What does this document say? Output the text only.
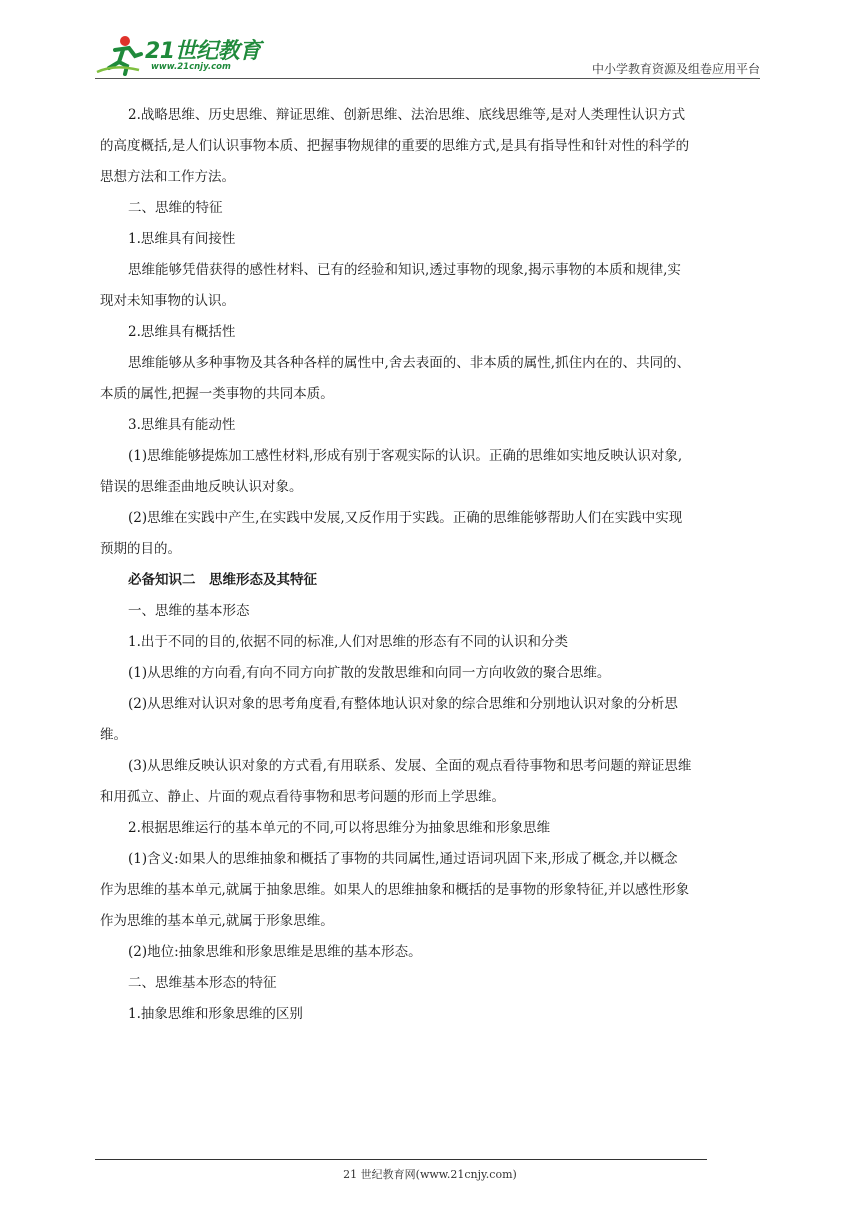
21世纪教育
www.21cnjy.com	中小学教育资源及组卷应用平台

2.战略思维、历史思维、辩证思维、创新思维、法治思维、底线思维等,是对人类理性认识方式

的高度概括,是人们认识事物本质、把握事物规律的重要的思维方式,是具有指导性和针对性的科学的

思想方法和工作方法。

二、思维的特征

1.思维具有间接性

思维能够凭借获得的感性材料、已有的经验和知识,透过事物的现象,揭示事物的本质和规律,实

现对未知事物的认识。

2.思维具有概括性

思维能够从多种事物及其各种各样的属性中,舍去表面的、非本质的属性,抓住内在的、共同的、

本质的属性,把握一类事物的共同本质。

3.思维具有能动性

(1)思维能够提炼加工感性材料,形成有别于客观实际的认识。正确的思维如实地反映认识对象,

错误的思维歪曲地反映认识对象。

(2)思维在实践中产生,在实践中发展,又反作用于实践。正确的思维能够帮助人们在实践中实现

预期的目的。

必备知识二　思维形态及其特征

一、思维的基本形态

1.出于不同的目的,依据不同的标准,人们对思维的形态有不同的认识和分类

(1)从思维的方向看,有向不同方向扩散的发散思维和向同一方向收敛的聚合思维。

(2)从思维对认识对象的思考角度看,有整体地认识对象的综合思维和分别地认识对象的分析思

维。

(3)从思维反映认识对象的方式看,有用联系、发展、全面的观点看待事物和思考问题的辩证思维

和用孤立、静止、片面的观点看待事物和思考问题的形而上学思维。

2.根据思维运行的基本单元的不同,可以将思维分为抽象思维和形象思维

(1)含义:如果人的思维抽象和概括了事物的共同属性,通过语词巩固下来,形成了概念,并以概念

作为思维的基本单元,就属于抽象思维。如果人的思维抽象和概括的是事物的形象特征,并以感性形象

作为思维的基本单元,就属于形象思维。

(2)地位:抽象思维和形象思维是思维的基本形态。

二、思维基本形态的特征

1.抽象思维和形象思维的区别

21 世纪教育网(www.21cnjy.com)
